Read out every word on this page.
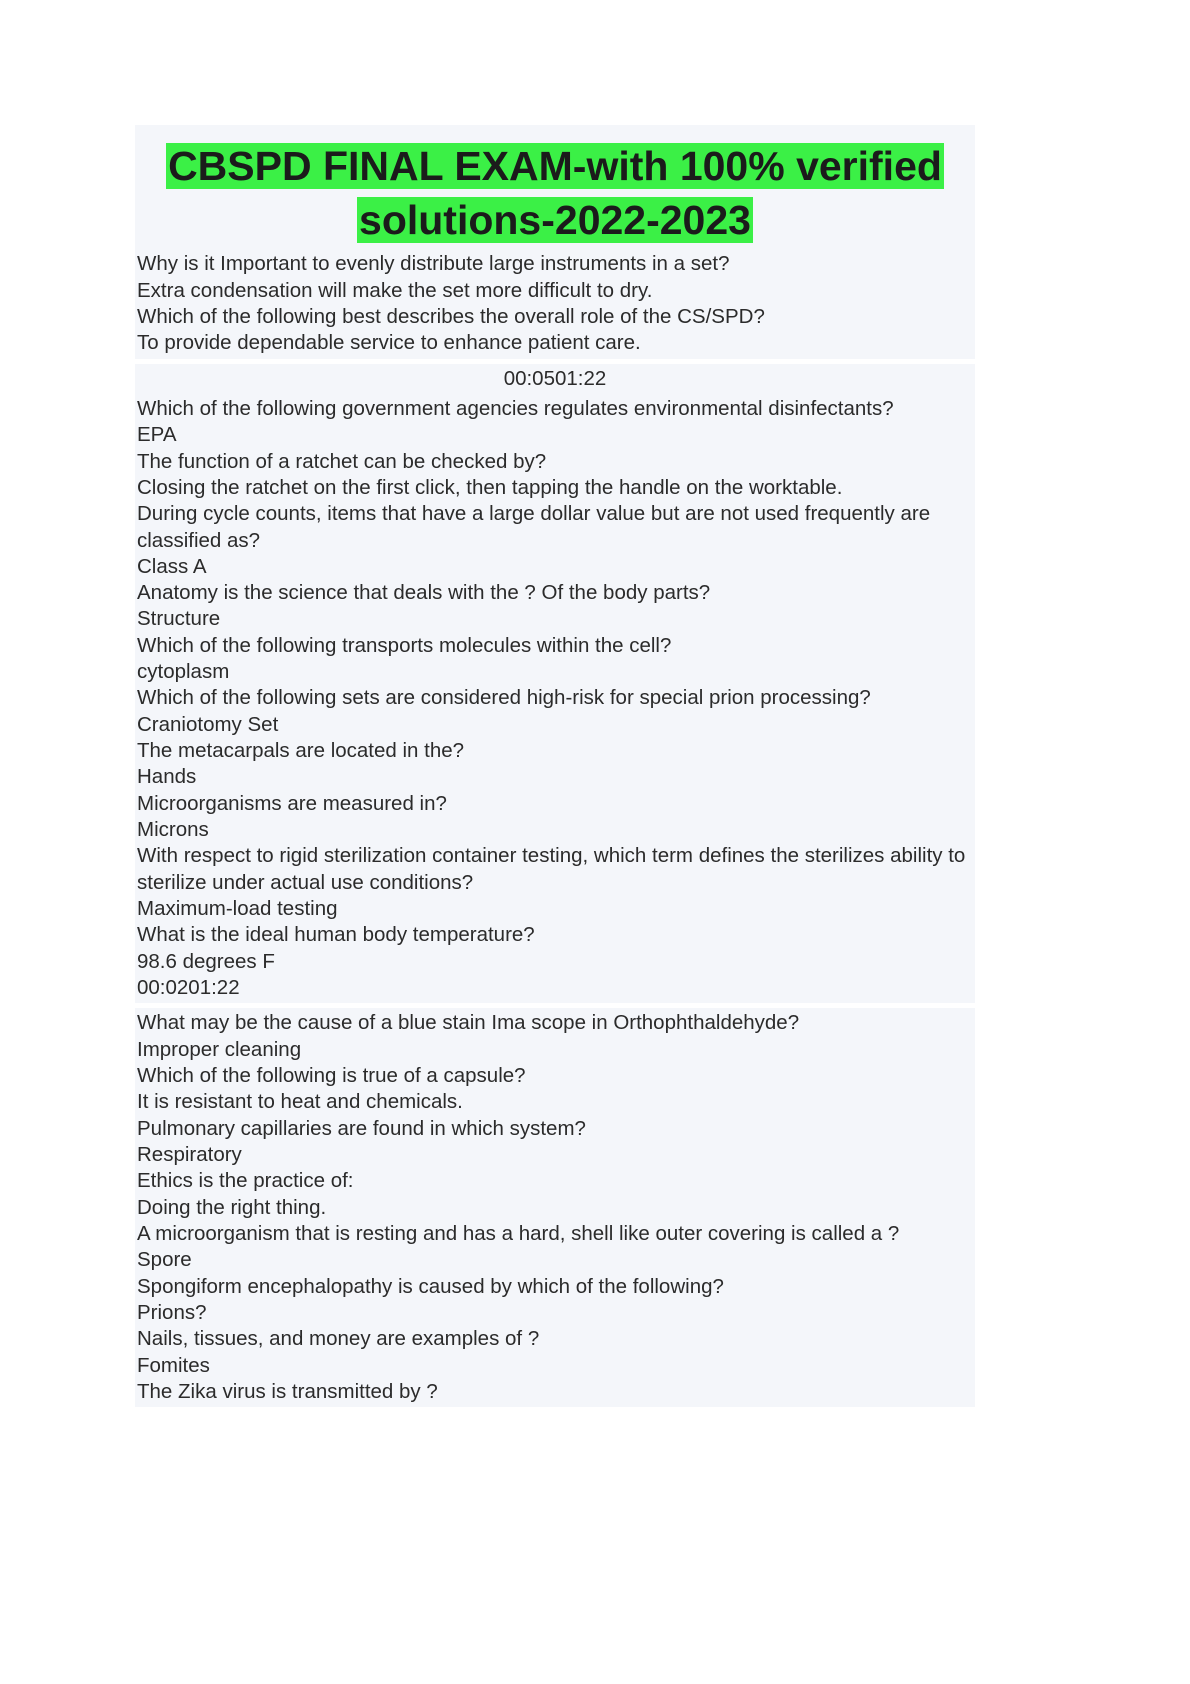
CBSPD FINAL EXAM-with 100% verified
solutions-2022-2023
Why is it Important to evenly distribute large instruments in a set?
Extra condensation will make the set more difficult to dry.
Which of the following best describes the overall role of the CS/SPD?
To provide dependable service to enhance patient care.
00:0501:22
Which of the following government agencies regulates environmental disinfectants?
EPA
The function of a ratchet can be checked by?
Closing the ratchet on the first click, then tapping the handle on the worktable.
During cycle counts, items that have a large dollar value but are not used frequently are classified as?
Class A
Anatomy is the science that deals with the ? Of the body parts?
Structure
Which of the following transports molecules within the cell?
cytoplasm
Which of the following sets are considered high-risk for special prion processing?
Craniotomy Set
The metacarpals are located in the?
Hands
Microorganisms are measured in?
Microns
With respect to rigid sterilization container testing, which term defines the sterilizes ability to sterilize under actual use conditions?
Maximum-load testing
What is the ideal human body temperature?
98.6 degrees F
00:0201:22
What may be the cause of a blue stain Ima scope in Orthophthaldehyde?
Improper cleaning
Which of the following is true of a capsule?
It is resistant to heat and chemicals.
Pulmonary capillaries are found in which system?
Respiratory
Ethics is the practice of:
Doing the right thing.
A microorganism that is resting and has a hard, shell like outer covering is called a ?
Spore
Spongiform encephalopathy is caused by which of the following?
Prions?
Nails, tissues, and money are examples of ?
Fomites
The Zika virus is transmitted by ?
